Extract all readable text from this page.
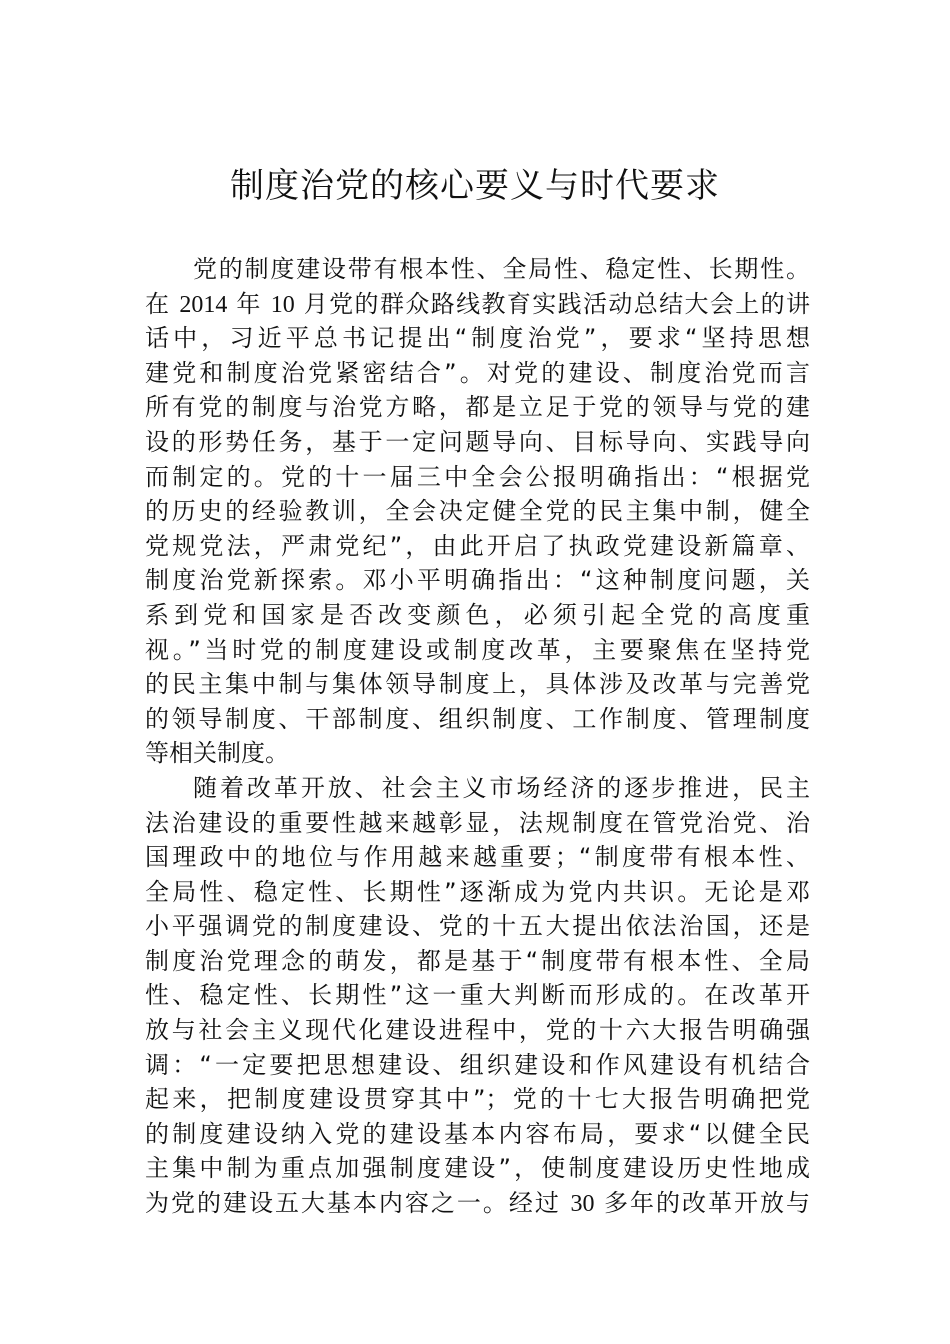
制度治党的核心要义与时代要求
党的制度建设带有根本性、全局性、稳定性、长期性。
在 2014 年 10 月党的群众路线教育实践活动总结大会上的讲
话中，习近平总书记提出“制度治党”，要求“坚持思想
建党和制度治党紧密结合”。对党的建设、制度治党而言
所有党的制度与治党方略，都是立足于党的领导与党的建
设的形势任务，基于一定问题导向、目标导向、实践导向
而制定的。党的十一届三中全会公报明确指出：“根据党
的历史的经验教训，全会决定健全党的民主集中制，健全
党规党法，严肃党纪”，由此开启了执政党建设新篇章、
制度治党新探索。邓小平明确指出：“这种制度问题，关
系到党和国家是否改变颜色，必须引起全党的高度重
视。”当时党的制度建设或制度改革，主要聚焦在坚持党
的民主集中制与集体领导制度上，具体涉及改革与完善党
的领导制度、干部制度、组织制度、工作制度、管理制度
等相关制度。
随着改革开放、社会主义市场经济的逐步推进，民主
法治建设的重要性越来越彰显，法规制度在管党治党、治
国理政中的地位与作用越来越重要；“制度带有根本性、
全局性、稳定性、长期性”逐渐成为党内共识。无论是邓
小平强调党的制度建设、党的十五大提出依法治国，还是
制度治党理念的萌发，都是基于“制度带有根本性、全局
性、稳定性、长期性”这一重大判断而形成的。在改革开
放与社会主义现代化建设进程中，党的十六大报告明确强
调：“一定要把思想建设、组织建设和作风建设有机结合
起来，把制度建设贯穿其中”；党的十七大报告明确把党
的制度建设纳入党的建设基本内容布局，要求“以健全民
主集中制为重点加强制度建设”，使制度建设历史性地成
为党的建设五大基本内容之一。经过 30 多年的改革开放与
